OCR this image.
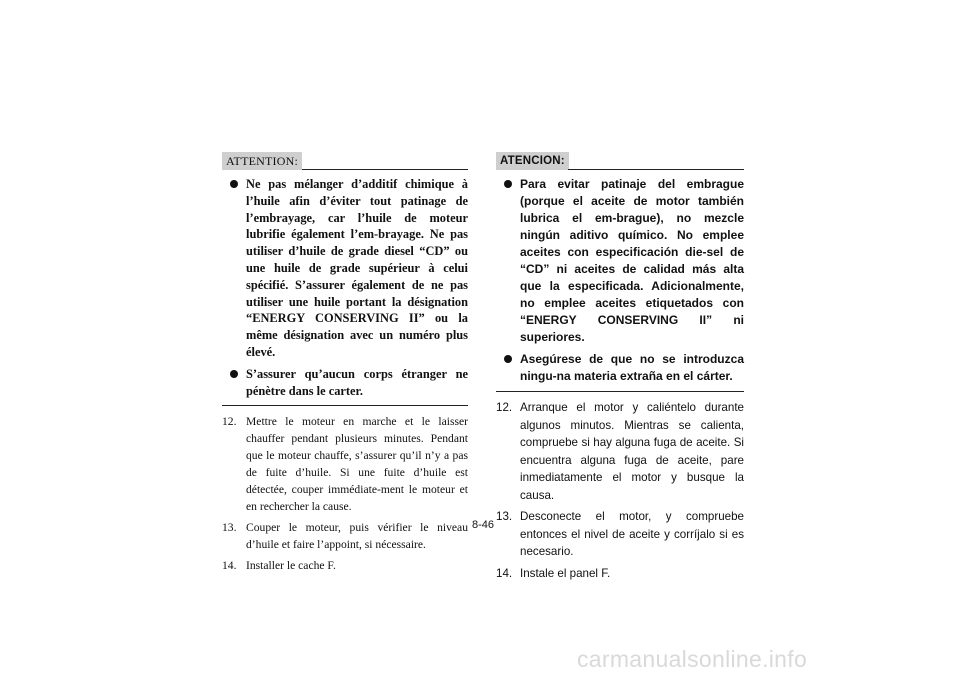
ATTENTION:
Ne pas mélanger d’additif chimique à l’huile afin d’éviter tout patinage de l’embrayage, car l’huile de moteur lubrifie également l’em-brayage. Ne pas utiliser d’huile de grade diesel “CD” ou une huile de grade supérieur à celui spécifié. S’assurer également de ne pas utiliser une huile portant la désignation “ENERGY CONSERVING II” ou la même désignation avec un numéro plus élevé.
S’assurer qu’aucun corps étranger ne pénètre dans le carter.
12. Mettre le moteur en marche et le laisser chauffer pendant plusieurs minutes. Pendant que le moteur chauffe, s’assurer qu’il n’y a pas de fuite d’huile. Si une fuite d’huile est détectée, couper immédiate-ment le moteur et en rechercher la cause.
13. Couper le moteur, puis vérifier le niveau d’huile et faire l’appoint, si nécessaire.
14. Installer le cache F.
ATENCION:
Para evitar patinaje del embrague (porque el aceite de motor también lubrica el em-brague), no mezcle ningún aditivo químico. No emplee aceites con especificación die-sel de “CD” ni aceites de calidad más alta que la especificada. Adicionalmente, no emplee aceites etiquetados con “ENERGY CONSERVING II” ni superiores.
Asegúrese de que no se introduzca ningu-na materia extraña en el cárter.
12. Arranque el motor y caliéntelo durante algunos minutos. Mientras se calienta, compruebe si hay alguna fuga de aceite. Si encuentra alguna fuga de aceite, pare inmediatamente el motor y busque la causa.
13. Desconecte el motor, y compruebe entonces el nivel de aceite y corríjalo si es necesario.
14. Instale el panel F.
8-46
carmanualsonline.info
